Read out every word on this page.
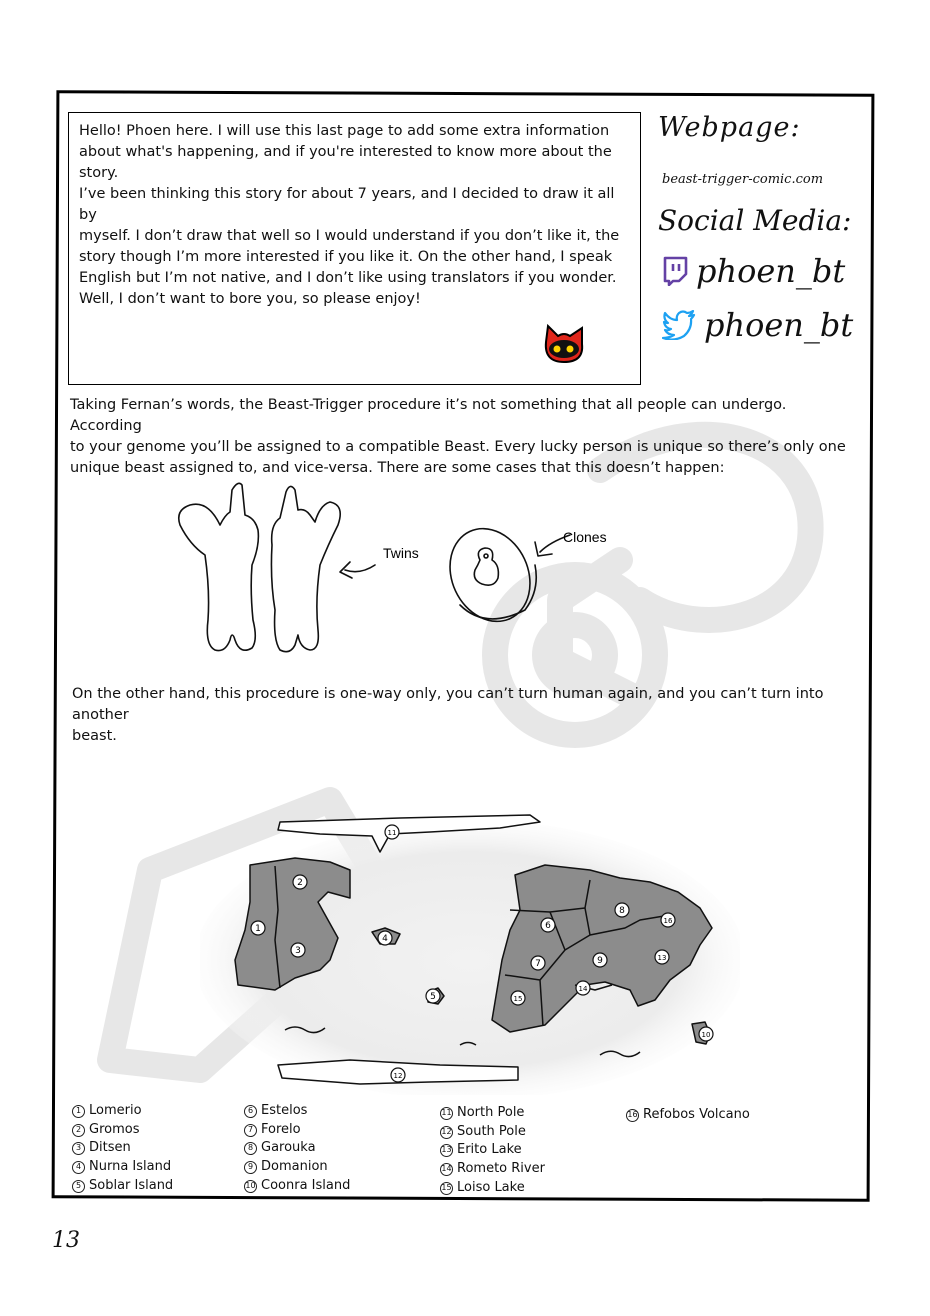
Hello! Phoen here. I will use this last page to add some extra information

about what's happening, and if you're interested to know more about the

story.

I’ve been thinking this story for about 7 years, and I decided to draw it all by

myself. I don’t draw that well so I would understand if you don’t like it, the

story though I’m more interested if you like it. On the other hand, I speak

English but I’m not native, and I don’t like using translators if you wonder.

Well, I don’t want to bore you, so please enjoy!

Webpage:
beast-trigger-comic.com
Social Media:
phoen_bt
phoen_bt
Taking Fernan’s words, the Beast-Trigger procedure it’s not something that all people can undergo. According
to your genome you’ll be assigned to a compatible Beast. Every lucky person is unique so there’s only one
unique beast assigned to, and vice-versa. There are some cases that this doesn’t happen:
Twins
Clones
On the other hand, this procedure is one-way only, you can’t turn human again, and you can’t turn into another
beast.
1
2
3
4
5
6
7
8
9
10
11
12
13
14
15
16
1 Lomerio
2 Gromos
3 Ditsen
4 Nurna Island
5 Soblar Island
6 Estelos
7 Forelo
8 Garouka
9 Domanion
10 Coonra Island
11 North Pole
12 South Pole
13 Erito Lake
14 Rometo River
15 Loiso Lake
16 Refobos Volcano
13
